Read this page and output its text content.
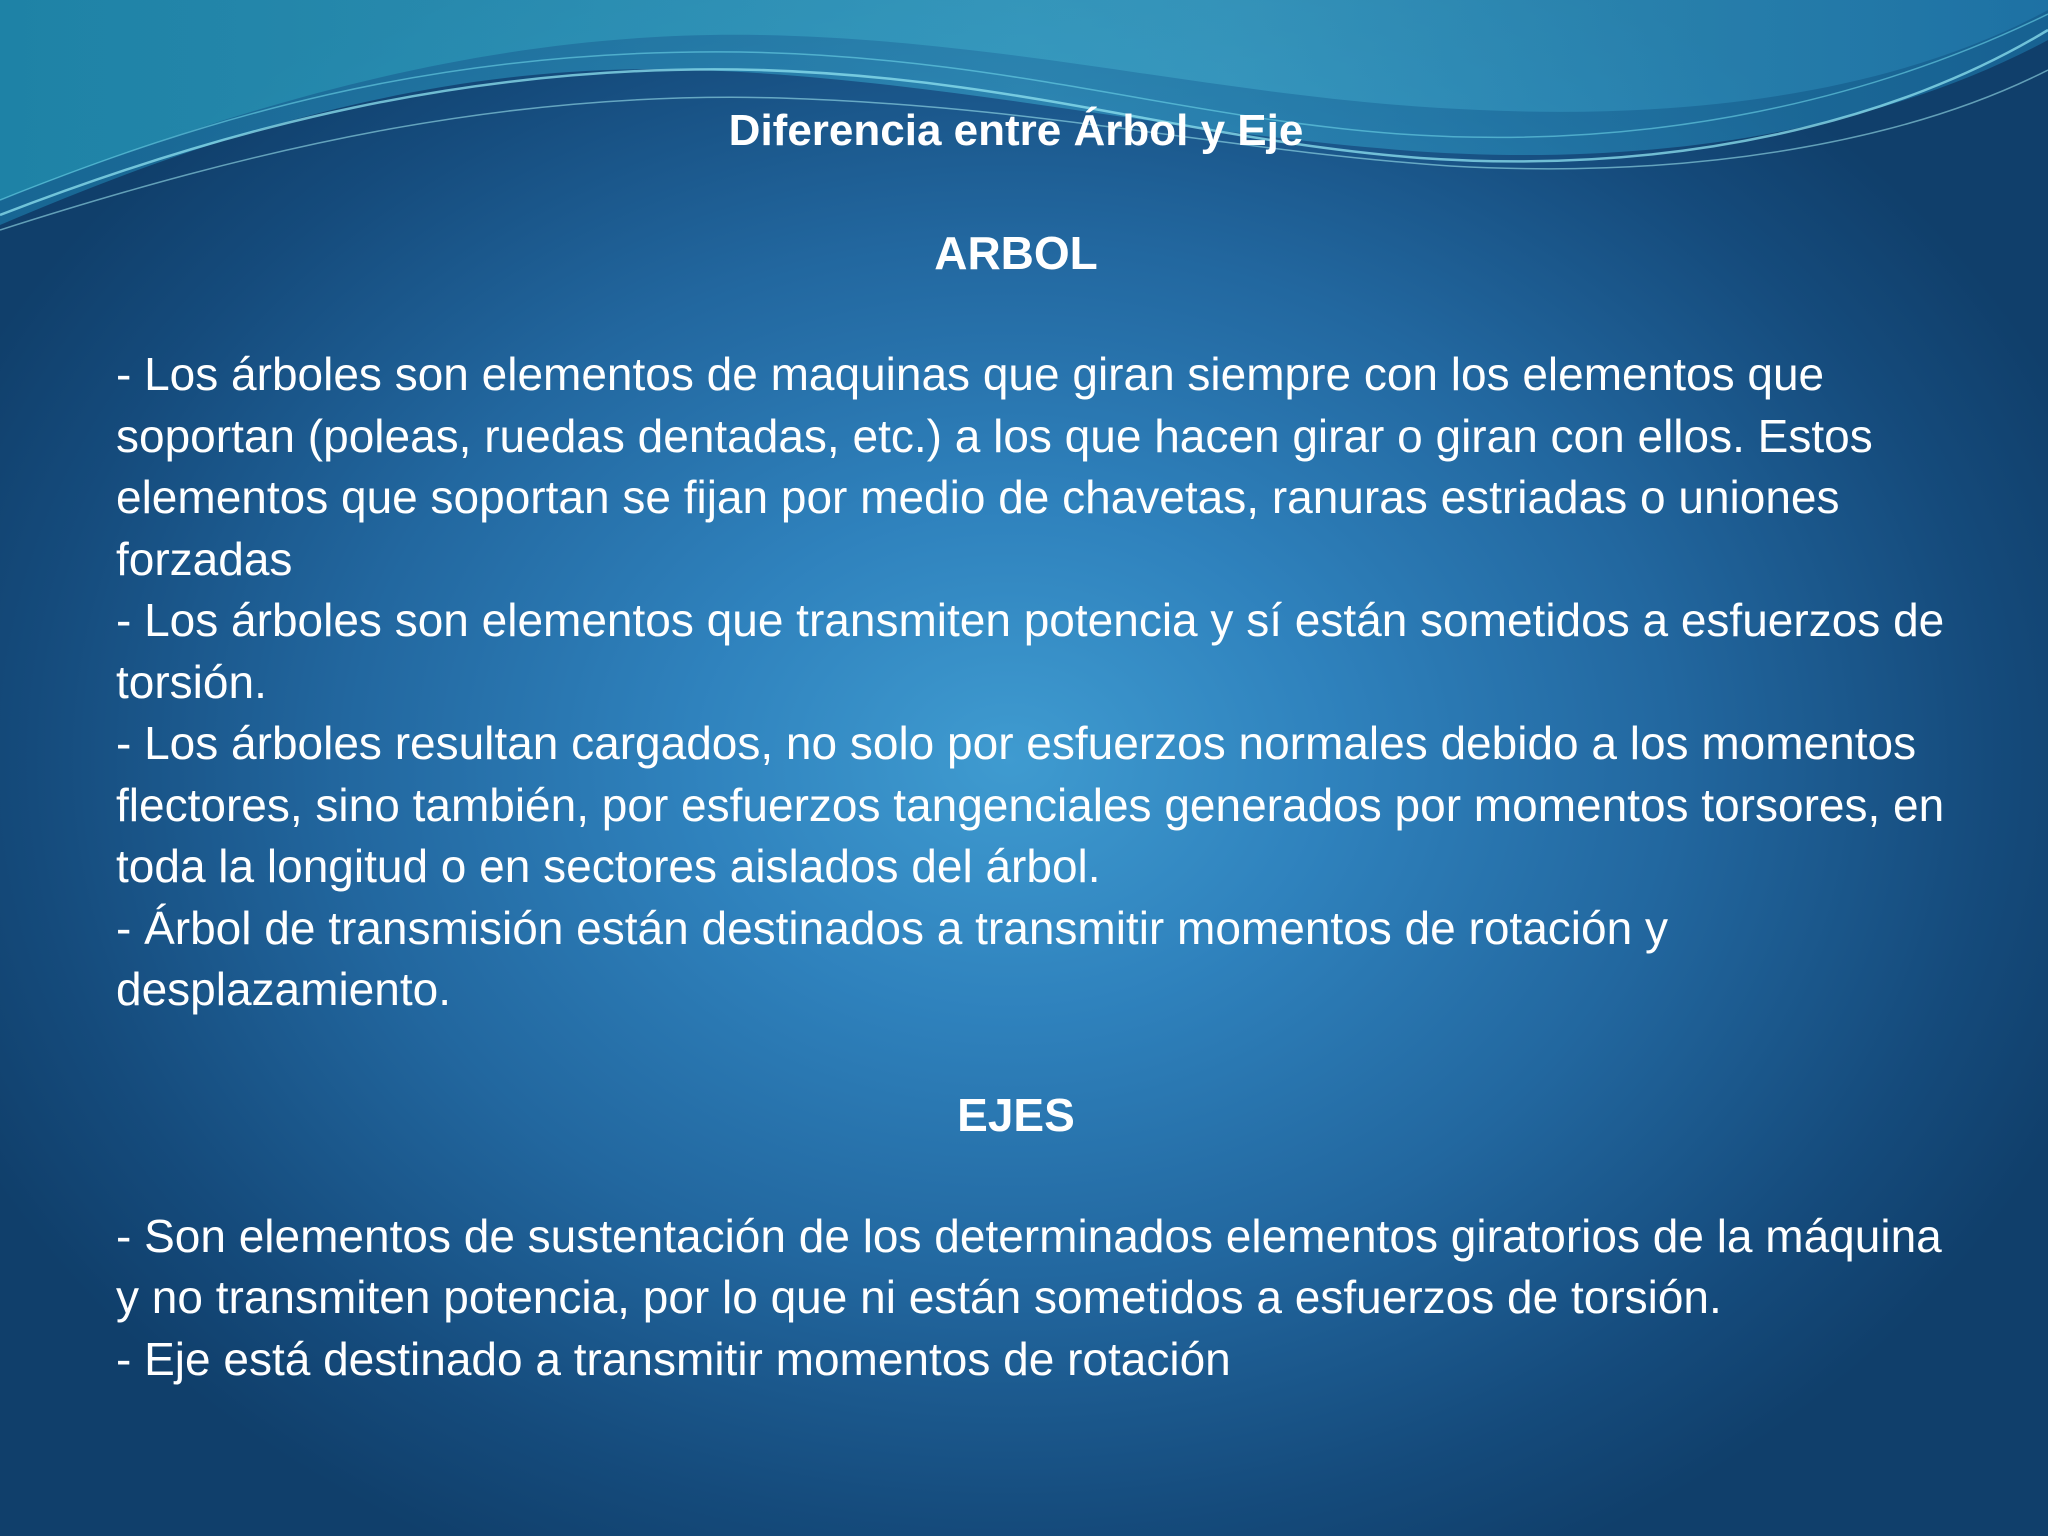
Diferencia entre Árbol y Eje
ARBOL
- Los árboles son elementos de maquinas que giran siempre con los elementos que soportan (poleas, ruedas dentadas, etc.) a los que hacen girar o giran con ellos. Estos elementos que soportan se fijan por medio de chavetas, ranuras estriadas o uniones forzadas
- Los árboles son elementos que transmiten potencia y sí están sometidos a esfuerzos de torsión.
- Los árboles resultan cargados, no solo por esfuerzos normales debido a los momentos flectores, sino también, por esfuerzos tangenciales generados por momentos torsores, en toda la longitud o en sectores aislados del árbol.
- Árbol de transmisión están destinados a transmitir momentos de rotación y desplazamiento.
EJES
- Son elementos de sustentación de los determinados elementos giratorios de la máquina y no transmiten potencia, por lo que ni están sometidos a esfuerzos de torsión.
- Eje está destinado a transmitir momentos de rotación
